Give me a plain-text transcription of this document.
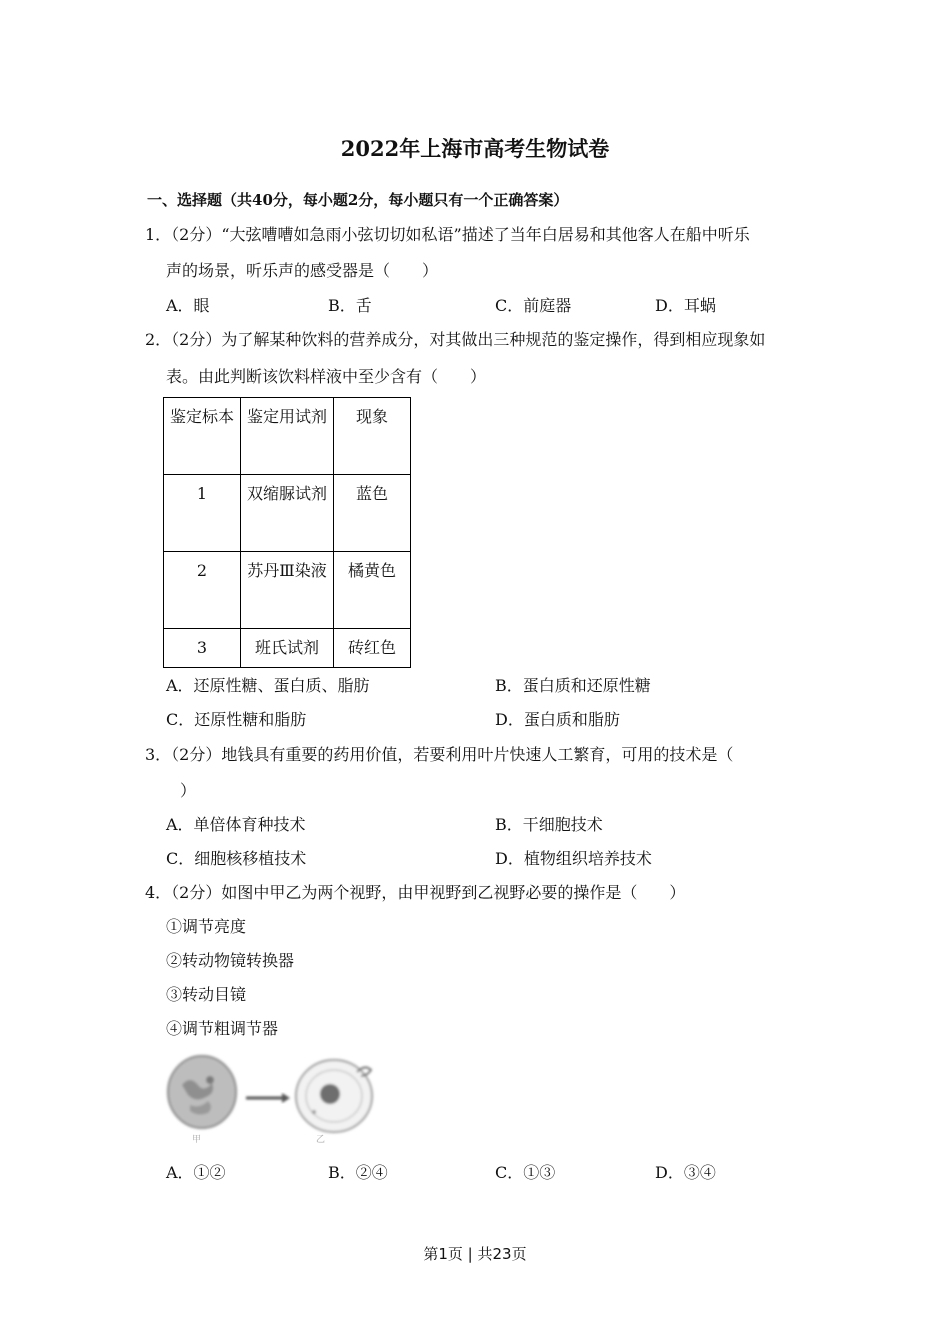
2022年上海市高考生物试卷
一、选择题（共40分，每小题2分，每小题只有一个正确答案）
1．（2分）“大弦嘈嘈如急雨小弦切切如私语”描述了当年白居易和其他客人在船中听乐
声的场景，听乐声的感受器是（　　）
A．眼	B．舌	C．前庭器	D．耳蜗
2．（2分）为了解某种饮料的营养成分，对其做出三种规范的鉴定操作，得到相应现象如
表。由此判断该饮料样液中至少含有（　　）
鉴定标本	鉴定用试剂	现象
1	双缩脲试剂	蓝色
2	苏丹Ⅲ染液	橘黄色
3	班氏试剂	砖红色
A．还原性糖、蛋白质、脂肪	B．蛋白质和还原性糖
C．还原性糖和脂肪	D．蛋白质和脂肪
3．（2分）地钱具有重要的药用价值，若要利用叶片快速人工繁育，可用的技术是（
）
A．单倍体育种技术	B．干细胞技术
C．细胞核移植技术	D．植物组织培养技术
4．（2分）如图中甲乙为两个视野，由甲视野到乙视野必要的操作是（　　）
①调节亮度
②转动物镜转换器
③转动目镜
④调节粗调节器
甲	乙
A．①②	B．②④	C．①③	D．③④
第1页 | 共23页
